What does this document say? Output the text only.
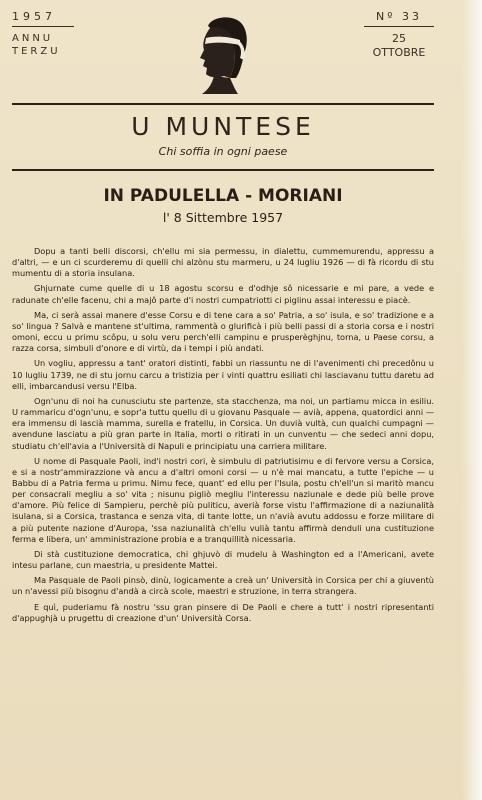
1957
ANNU
TERZU
Nº 33
25
OTTOBRE
U MUNTESE
Chi soffia in ogni paese
IN PADULELLA - MORIANI
l' 8 Sittembre 1957

Dopu a tanti belli discorsi, ch'ellu mi sia permessu, in dialettu, cummemurendu, appressu a d'altri, — e un ci scurderemu di quelli chi alzònu stu marmeru, u 24 lugliu 1926 — di fà ricordu di stu mumentu di a storia insulana.

Ghjurnate cume quelle di u 18 agostu scorsu e d'odhje sô nicessarie e mi pare, a vede e radunate ch'elle facenu, chi a majô parte d'i nostri cumpatriotti ci piglinu assai interessu e piacè.

Ma, ci serà assai manere d'esse Corsu e di tene cara a so' Patria, a so' isula, e so' tradizione e a so' lingua ? Salvà e mantene st'ultima, rammentà o glurificà i più belli passi di a storia corsa e i nostri omoni, eccu u primu scôpu, u solu veru perch'elli campinu e prusperèghjnu, torna, u Paese corsu, a razza corsa, simbuli d'onore e di virtù, da i tempi i più andati.

Un vogliu, appressu a tant' oratori distinti, fabbi un riassuntu ne di l'avenimenti chi precedônu u 10 lugliu 1739, ne di stu jornu carcu a tristizia per i vinti quattru esiliati chi lasciavanu tuttu daretu ad elli, imbarcandusi versu l'Elba.

Ogn'unu di noi ha cunusciutu ste partenze, sta stacchenza, ma noi, un partiamu micca in esiliu. U rammaricu d'ogn'unu, e sopr'a tuttu quellu di u giovanu Pasquale — avià, appena, quatordici anni — era immensu di lascià mamma, surella e fratellu, in Corsica. Un duvià vultà, cun qualchi cumpagni — avendune lasciatu a più gran parte in Italia, morti o ritirati in un cunventu — che sedeci anni dopu, studiatu ch'ell'avia a l'Università di Napuli e principiatu una carriera militare.

U nome di Pasquale Paoli, ind'i nostri cori, è simbulu di patriutisimu e di fervore versu a Corsica, e si a nostr'ammirazzione và ancu a d'altri omoni corsi — u n'è mai mancatu, a tutte l'epiche — u Babbu di a Patria ferma u primu. Nimu fece, quant' ed ellu per l'Isula, postu ch'ell'un si maritò mancu per consacrali megliu a so' vita ; nisunu pigliò megliu l'interessu naziunale e dede più belle prove d'amore. Più felice di Sampieru, perchè più puliticu, averià forse vistu l'affirmazione di a naziunalità isulana, si a Corsica, trastanca e senza vita, di tante lotte, un n'avià avutu addossu e forze militare di a più putente nazione d'Auropa, 'ssa naziunalità ch'ellu vulià tantu affirmà denduli una custituzione ferma e libera, un' amministrazione probia e a tranquillità nicessaria.

Di stà custituzione democratica, chi ghjuvò di mudelu à Washington ed a l'Americani, avete intesu parlane, cun maestria, u presidente Mattei.

Ma Pasquale de Paoli pinsò, dinù, logicamente a creà un' Università in Corsica per chi a giuventù un n'avessi più bisognu d'andà a circà scole, maestri e struzione, in terra strangera.

E quì, puderiamu fà nostru 'ssu gran pinsere di De Paoli e chere a tutt' i nostri ripresentanti d'appughjà u prugettu di creazione d'un' Università Corsa.
